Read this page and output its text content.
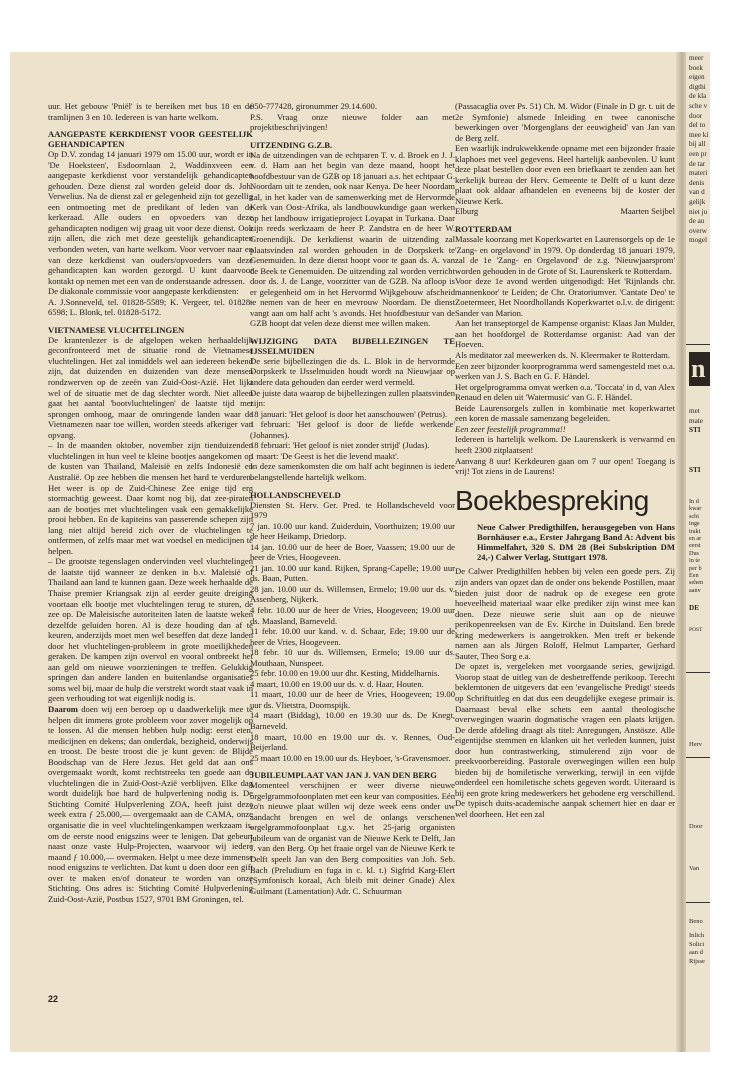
uur. Het gebouw 'Pniël' is te bereiken met bus 18 en de tramlijnen 3 en 10. Iedereen is van harte welkom.

AANGEPASTE KERKDIENST VOOR GEESTELIJK GEHANDICAPTEN

Op D.V. zondag 14 januari 1979 om 15.00 uur, wordt er in 'De Hoeksteen', Esdoornlaan 2, Waddinxveen een aangepaste kerkdienst voor verstandelijk gehandicapten gehouden. Deze dienst zal worden geleid door ds. Joh. Verwelius. Na de dienst zal er gelegenheid zijn tot gezellig een ontmoeting met de predikant of leden van de kerkeraad. Alle ouders en opvoeders van deze gehandicapten nodigen wij graag uit voor deze dienst. Ook zijn allen, die zich met deze geestelijk gehandicapten verbonden weten, van harte welkom. Voor vervoer naar en van deze kerkdienst van ouders/opvoeders van deze gehandicapten kan worden gezorgd. U kunt daarvoor kontakt op nemen met een van de onderstaande adressen.

De diakonale commissie voor aangepaste kerkdiensten:

A. J.Sonneveld, tel. 01828-5589; K. Vergeer, tel. 01828-6598; L. Blonk, tel. 01828-5172.

VIETNAMESE VLUCHTELINGEN

De krantenlezer is de afgelopen weken herhaaldelijk geconfronteerd met de situatie rond de Vietnamese vluchtelingen. Het zal inmiddels wel aan iedereen bekend zijn, dat duizenden en duizenden van deze mensen rondzwerven op de zeeën van Zuid-Oost-Azië. Het lijkt wel of de situatie met de dag slechter wordt. Niet alleen gaat het aantal 'bootvluchtelingen' de laatste tijd met sprongen omhoog, maar de omringende landen waar de Vietnamezen naar toe willen, worden steeds afkeriger van opvang.

– In de maanden oktober, november zijn tienduizenden vluchtelingen in hun veel te kleine bootjes aangekomen op de kusten van Thailand, Maleisië en zelfs Indonesië en Australië. Op zee hebben die mensen het hard te verduren. Het weer is op de Zuid-Chinese Zee enige tijd erg stormachtig geweest. Daar komt nog bij, dat zee-piraten aan de bootjes met vluchtelingen vaak een gemakkelijke prooi hebben. En de kapiteins van passerende schepen zijn lang niet altijd bereid zich over de vluchtelingen te ontfermen, of zelfs maar met wat voedsel en medicijnen te helpen.

– De grootste tegenslagen ondervinden veel vluchtelingen de laatste tijd wanneer ze denken in b.v. Maleisië of Thailand aan land te kunnen gaan. Deze week herhaalde de Thaise premier Kriangsak zijn al eerder geuite dreiging voortaan elk bootje met vluchtelingen terug te sturen, de zee op. De Maleisische autoriteiten laten de laatste weken dezelfde geluiden horen. Al is deze houding dan af te keuren, anderzijds moet men wel beseffen dat deze landen door het vluchtelingen-probleem in grote moeilijkheden geraken. De kampen zijn overvol en vooral ontbreekt het aan geld om nieuwe voorzieningen te treffen. Gelukkig springen dan andere landen en buitenlandse organisaties soms wel bij, maar de hulp die verstrekt wordt staat vaak in geen verhouding tot wat eigenlijk nodig is.

Daarom doen wij een beroep op u daadwerkelijk mee te helpen dit immens grote probleem voor zover mogelijk op te lossen. Al die mensen hebben hulp nodig: eerst eten, medicijnen en dekens; dan onderdak, bezigheid, onderwijs en troost. De beste troost die je kunt geven: de Blijde Boodschap van de Here Jezus. Het geld dat aan ons overgemaakt wordt, komt rechtstreeks ten goede aan de vluchtelingen die in Zuid-Oost-Azië verblijven. Elke dag wordt duidelijk hoe hard de hulpverlening nodig is. De Stichting Comité Hulpverlening ZOA, heeft juist deze week extra ƒ 25.000,— overgemaakt aan de CAMA, onze organisatie die in veel vluchtelingenkampen werkzaam is, om de eerste nood enigszins weer te lenigen. Dat gebeurt naast onze vaste Hulp-Projecten, waarvoor wij iedere maand ƒ 10.000,— overmaken. Helpt u mee deze immense nood enigszins te verlichten. Dat kunt u doen door een gift over te maken en/of donateur te worden van onze Stichting. Ons adres is: Stichting Comité Hulpverlening Zuid-Oost-Azië, Postbus 1527, 9701 BM Groningen, tel.

050-777428, gironummer 29.14.600.

P.S. Vraag onze nieuwe folder aan met projektbeschrijvingen!

UITZENDING G.Z.B.

Na de uitzendingen van de echtparen T. v. d. Broek en J. J. v. d. Ham aan het begin van deze maand, hoopt het hoofdbestuur van de GZB op 18 januari a.s. het echtpaar G. Noordam uit te zenden, ook naar Kenya. De heer Noordam zal, in het kader van de samenwerking met de Hervormde Kerk van Oost-Afrika, als landbouwkundige gaan werken op het landbouw irrigatieproject Loyapat in Turkana. Daar zijn reeds werkzaam de heer P. Zandstra en de heer W. Groenendijk. De kerkdienst waarin de uitzending zal plaatsvinden zal worden gehouden in de Dorpskerk te Genemuiden. In deze dienst hoopt voor te gaan ds. A. van de Beek te Genemuiden. De uitzending zal worden verricht door ds. J. de Lange, voorzitter van de GZB. Na afloop is er gelegenheid om in het Hervormd Wijkgebouw afscheid te nemen van de heer en mevrouw Noordam. De dienst vangt aan om half acht 's avonds. Het hoofdbestuur van de GZB hoopt dat velen deze dienst mee willen maken.

WIJZIGING DATA BIJBELLEZINGEN TE IJSSELMUIDEN

De serie bijbellezingen die ds. L. Blok in de hervormde Dorpskerk te IJsselmuiden houdt wordt na Nieuwjaar op andere data gehouden dan eerder werd vermeld.

De juiste data waarop de bijbellezingen zullen plaatsvinden zijn:

18 januari: 'Het geloof is door het aanschouwen' (Petrus).

1 februari: 'Het geloof is door de liefde werkende' (Johannes).

18 februari: 'Het geloof is niet zonder strijd' (Judas).

1 maart: 'De Geest is het die levend maakt'.

In deze samenkomsten die om half acht beginnen is iedere belangstellende hartelijk welkom.

HOLLANDSCHEVELD

Diensten St. Herv. Ger. Pred. te Hollandscheveld voor 1979

7 jan. 10.00 uur kand. Zuiderduin, Voorthuizen; 19.00 uur de heer Heikamp, Driedorp.

14 jan. 10.00 uur de heer de Boer, Vaassen; 19.00 uur de heer de Vries, Hoogeveen.

21 jan. 10.00 uur kand. Rijken, Sprang-Capelle; 19.00 uur ds. Baan, Putten.

28 jan. 10.00 uur ds. Willemsen, Ermelo; 19.00 uur ds. v. Assenberg, Nijkerk.

4 febr. 10.00 uur de heer de Vries, Hoogeveen; 19.00 uur ds. Maasland, Barneveld.

11 febr. 10.00 uur kand. v. d. Schaar, Ede; 19.00 uur de heer de Vries, Hoogeveen.

18 febr. 10 uur ds. Willemsen, Ermelo; 19.00 uur ds. Mouthaan, Nunspeet.

25 febr. 10.00 en 19.00 uur dhr. Kesting, Middelharnis.

4 maart, 10.00 en 19.00 uur ds. v. d. Haar, Houten.

11 maart, 10.00 uur de heer de Vries, Hoogeveen; 19.00 uur ds. Vlietstra, Doornspijk.

14 maart (Biddag), 10.00 en 19.30 uur ds. De Knegt, Barneveld.

18 maart, 10.00 en 19.00 uur ds. v. Rennes, Oud-Beijerland.

25 maart 10.00 en 19.00 uur ds. Heyboer, 's-Gravensmoer.

JUBILEUMPLAAT VAN JAN J. VAN DEN BERG

Momenteel verschijnen er weer diverse nieuwe orgelgrammofoonplaten met een keur van composities. Eén zo'n nieuwe plaat willen wij deze week eens onder uw aandacht brengen en wel de onlangs verschenen orgelgrammofoonplaat t.g.v. het 25-jarig organisten jubileum van de organist van de Nieuwe Kerk te Delft, Jan J. van den Berg. Op het fraaie orgel van de Nieuwe Kerk te Delft speelt Jan van den Berg composities van Joh. Seb. Bach (Preludium en fuga in c. kl. t.) Sigfrid Karg-Elert (Symfonisch koraal, Ach bleib mit deiner Gnade) Alex Guilmant (Lamentation) Adr. C. Schuurman

(Passacaglia over Ps. 51) Ch. M. Widor (Finale in D gr. t. uit de 2e Symfonie) alsmede Inleiding en twee canonische bewerkingen over 'Morgenglans der eeuwigheid' van Jan van de Berg zelf.

Een waarlijk indrukwekkende opname met een bijzonder fraaie klaphoes met veel gegevens. Heel hartelijk aanbevolen. U kunt deze plaat bestellen door even een briefkaart te zenden aan het kerkelijk bureau der Herv. Gemeente te Delft of u kunt deze plaat ook aldaar afhandelen en eveneens bij de koster der Nieuwe Kerk.

Elburg	Maarten Seijbel

ROTTERDAM

Massale koorzang met Koperkwartet en Laurensorgels op de 1e 'Zang- en orgelavond' in 1979. Op donderdag 18 januari 1979, zal de 1e 'Zang- en Orgelavond' de z.g. 'Nieuwjaarsprom' worden gehouden in de Grote of St. Laurenskerk te Rotterdam.

Voor deze 1e avond werden uitgenodigd: Het 'Rijnlands chr. mannenkoor' te Leiden; de Chr. Oratoriumver. 'Cantate Deo' te Zoetermeer, Het Noordhollands Koperkwartet o.l.v. de dirigent: Sander van Marion.

Aan het transeptorgel de Kampense organist: Klaas Jan Mulder, aan het hoofdorgel de Rotterdamse organist: Aad van der Hoeven.

Als meditator zal meewerken ds. N. Kleermaker te Rotterdam.

Een zeer bijzonder koorprogramma werd samengesteld met o.a. werken van J. S. Bach en G. F. Händel.

Het orgelprogramma omvat werken o.a. 'Toccata' in d, van Alex Renaud en delen uit 'Watermusic' van G. F. Händel.

Beide Laurensorgels zullen in kombinatie met koperkwartet een koren de massale samenzang begeleiden.

Een zeer feestelijk programma!!

Iedereen is hartelijk welkom. De Laurenskerk is verwarmd en heeft 2300 zitplaatsen!

Aanvang 8 uur! Kerkdeuren gaan om 7 uur open! Toegang is vrij! Tot ziens in de Laurens!

Boekbespreking

Neue Calwer Predigthilfen, herausgegeben von Hans Bornhäuser e.a., Erster Jahrgang Band A: Advent bis Himmelfahrt, 320 S. DM 28 (Bei Subskription DM 24,-) Calwer Verlag, Stuttgart 1978.

De Calwer Predigthilfen hebben bij velen een goede pers. Zij zijn anders van opzet dan de onder ons bekende Postillen, maar bieden juist door de nadruk op de exegese een grote hoeveelheid materiaal waar elke prediker zijn winst mee kan doen. Deze nieuwe serie sluit aan op de nieuwe perikopenreeksen van de Ev. Kirche in Duitsland. Een brede kring medewerkers is aangetrokken. Men treft er bekende namen aan als Jürgen Roloff, Helmut Lamparter, Gerhard Sauter, Theo Sorg e.a.

De opzet is, vergeleken met voorgaande series, gewijzigd. Voorop staat de uitleg van de desbetreffende perikoop. Terecht beklemtonen de uitgevers dat een 'evangelische Predigt' steeds op Schriftuitleg en dat dus een deugdelijke exegese primair is. Daarnaast beval elke schets een aantal theologische overwegingen waarin dogmatische vragen een plaats krijgen. De derde afdeling draagt als titel: Anregungen, Anstösze. Alle eigentijdse stemmen en klanken uit het verleden kunnen, juist door hun contrastwerking, stimulerend zijn voor de preekvoorbereiding. Pastorale overwegingen willen een hulp bieden bij de homiletische verwerking, terwijl in een vijfde onderdeel een homiletische schets gegeven wordt. Uiteraard is bij een grote kring medewerkers het gebodene erg verschillend. De typisch duits-academische aanpak schemert hier en daar er wel doorheen. Het een zal

22
meer
boek
eigen
digthi
de kla
sche v
door
del to
mee ki
bij all
een pr
de tar
materi
denis
van d
gelijk
niet ju
de au
overw
mogel
n
met
mate
STI
STI
In d
kwar
schi
inge
trakt
en ar
eerst
Dus
in te
per b
Een
sehen
aanv
DE
POST
Herv
Door
Van
Beno
Inlich
Solici
aan d
Rijsse
